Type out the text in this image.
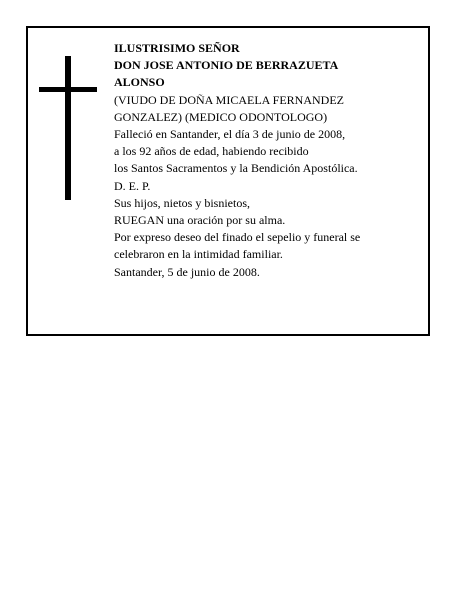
ILUSTRISIMO SEÑOR
DON JOSE ANTONIO DE BERRAZUETA
ALONSO
(VIUDO DE DOÑA MICAELA FERNANDEZ
GONZALEZ) (MEDICO ODONTOLOGO)
Falleció en Santander, el día 3 de junio de 2008,
a los 92 años de edad, habiendo recibido
los Santos Sacramentos y la Bendición Apostólica.
D. E. P.
Sus hijos, nietos y bisnietos,
RUEGAN una oración por su alma.
Por expreso deseo del finado el sepelio y funeral se
celebraron en la intimidad familiar.
Santander, 5 de junio de 2008.
